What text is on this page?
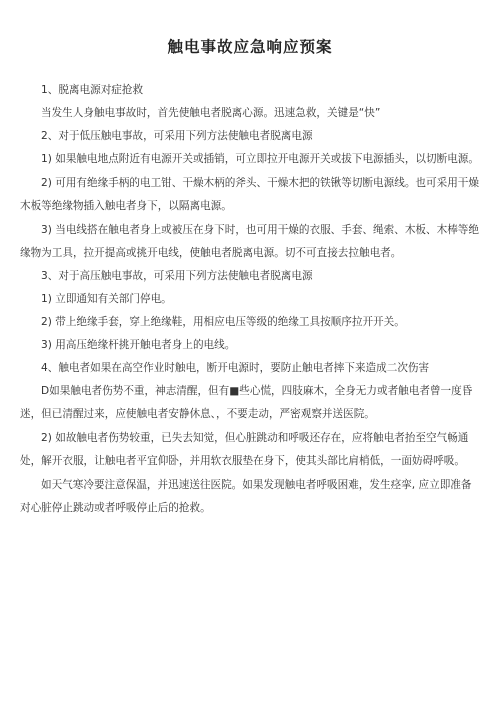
触电事故应急响应预案

1、脱离电源对症抢救

当发生人身触电事故时，首先使触电者脱离心源。迅速急救，关键是“快”

2、对于低压触电事故，可采用下列方法使触电者脱离电源

1) 如果触电地点附近有电源开关或插销，可立即拉开电源开关或拔下电源插头，以切断电源。

2) 可用有绝缘手柄的电工钳、干燥木柄的斧头、干燥木把的铁锹等切断电源线。也可采用干燥木板等绝缘物插入触电者身下，以隔离电源。

3) 当电线搭在触电者身上或被压在身下时，也可用干燥的衣服、手套、绳索、木板、木棒等绝缘物为工具，拉开提高或挑开电线，使触电者脱离电源。切不可直接去拉触电者。

3、对于高压触电事故，可采用下列方法使触电者脱离电源

1) 立即通知有关部门停电。

2) 带上绝缘手套，穿上绝缘鞋，用相应电压等级的绝缘工具按顺序拉开开关。

3) 用高压绝缘杆挑开触电者身上的电线。

4、触电者如果在高空作业时触电，断开电源时，要防止触电者摔下来造成二次伤害

D如果触电者伤势不重，神志清醒，但有■些心慌，四肢麻木，全身无力或者触电者曾一度昏迷，但已清醒过来，应使触电者安静休息、，不要走动，严密观察并送医院。

2) 如故触电者伤势较重，已失去知觉，但心脏跳动和呼吸还存在，应将触电者抬至空气畅通处，解开衣服，让触电者平宜仰卧，并用软衣服垫在身下，使其头部比肩梢低，一面妨碍呼吸。

如天气寒冷要注意保温，并迅速送往医院。如果发现触电者呼吸困难，发生痉挛, 应立即准备对心脏停止跳动或者呼吸停止后的抢救。
